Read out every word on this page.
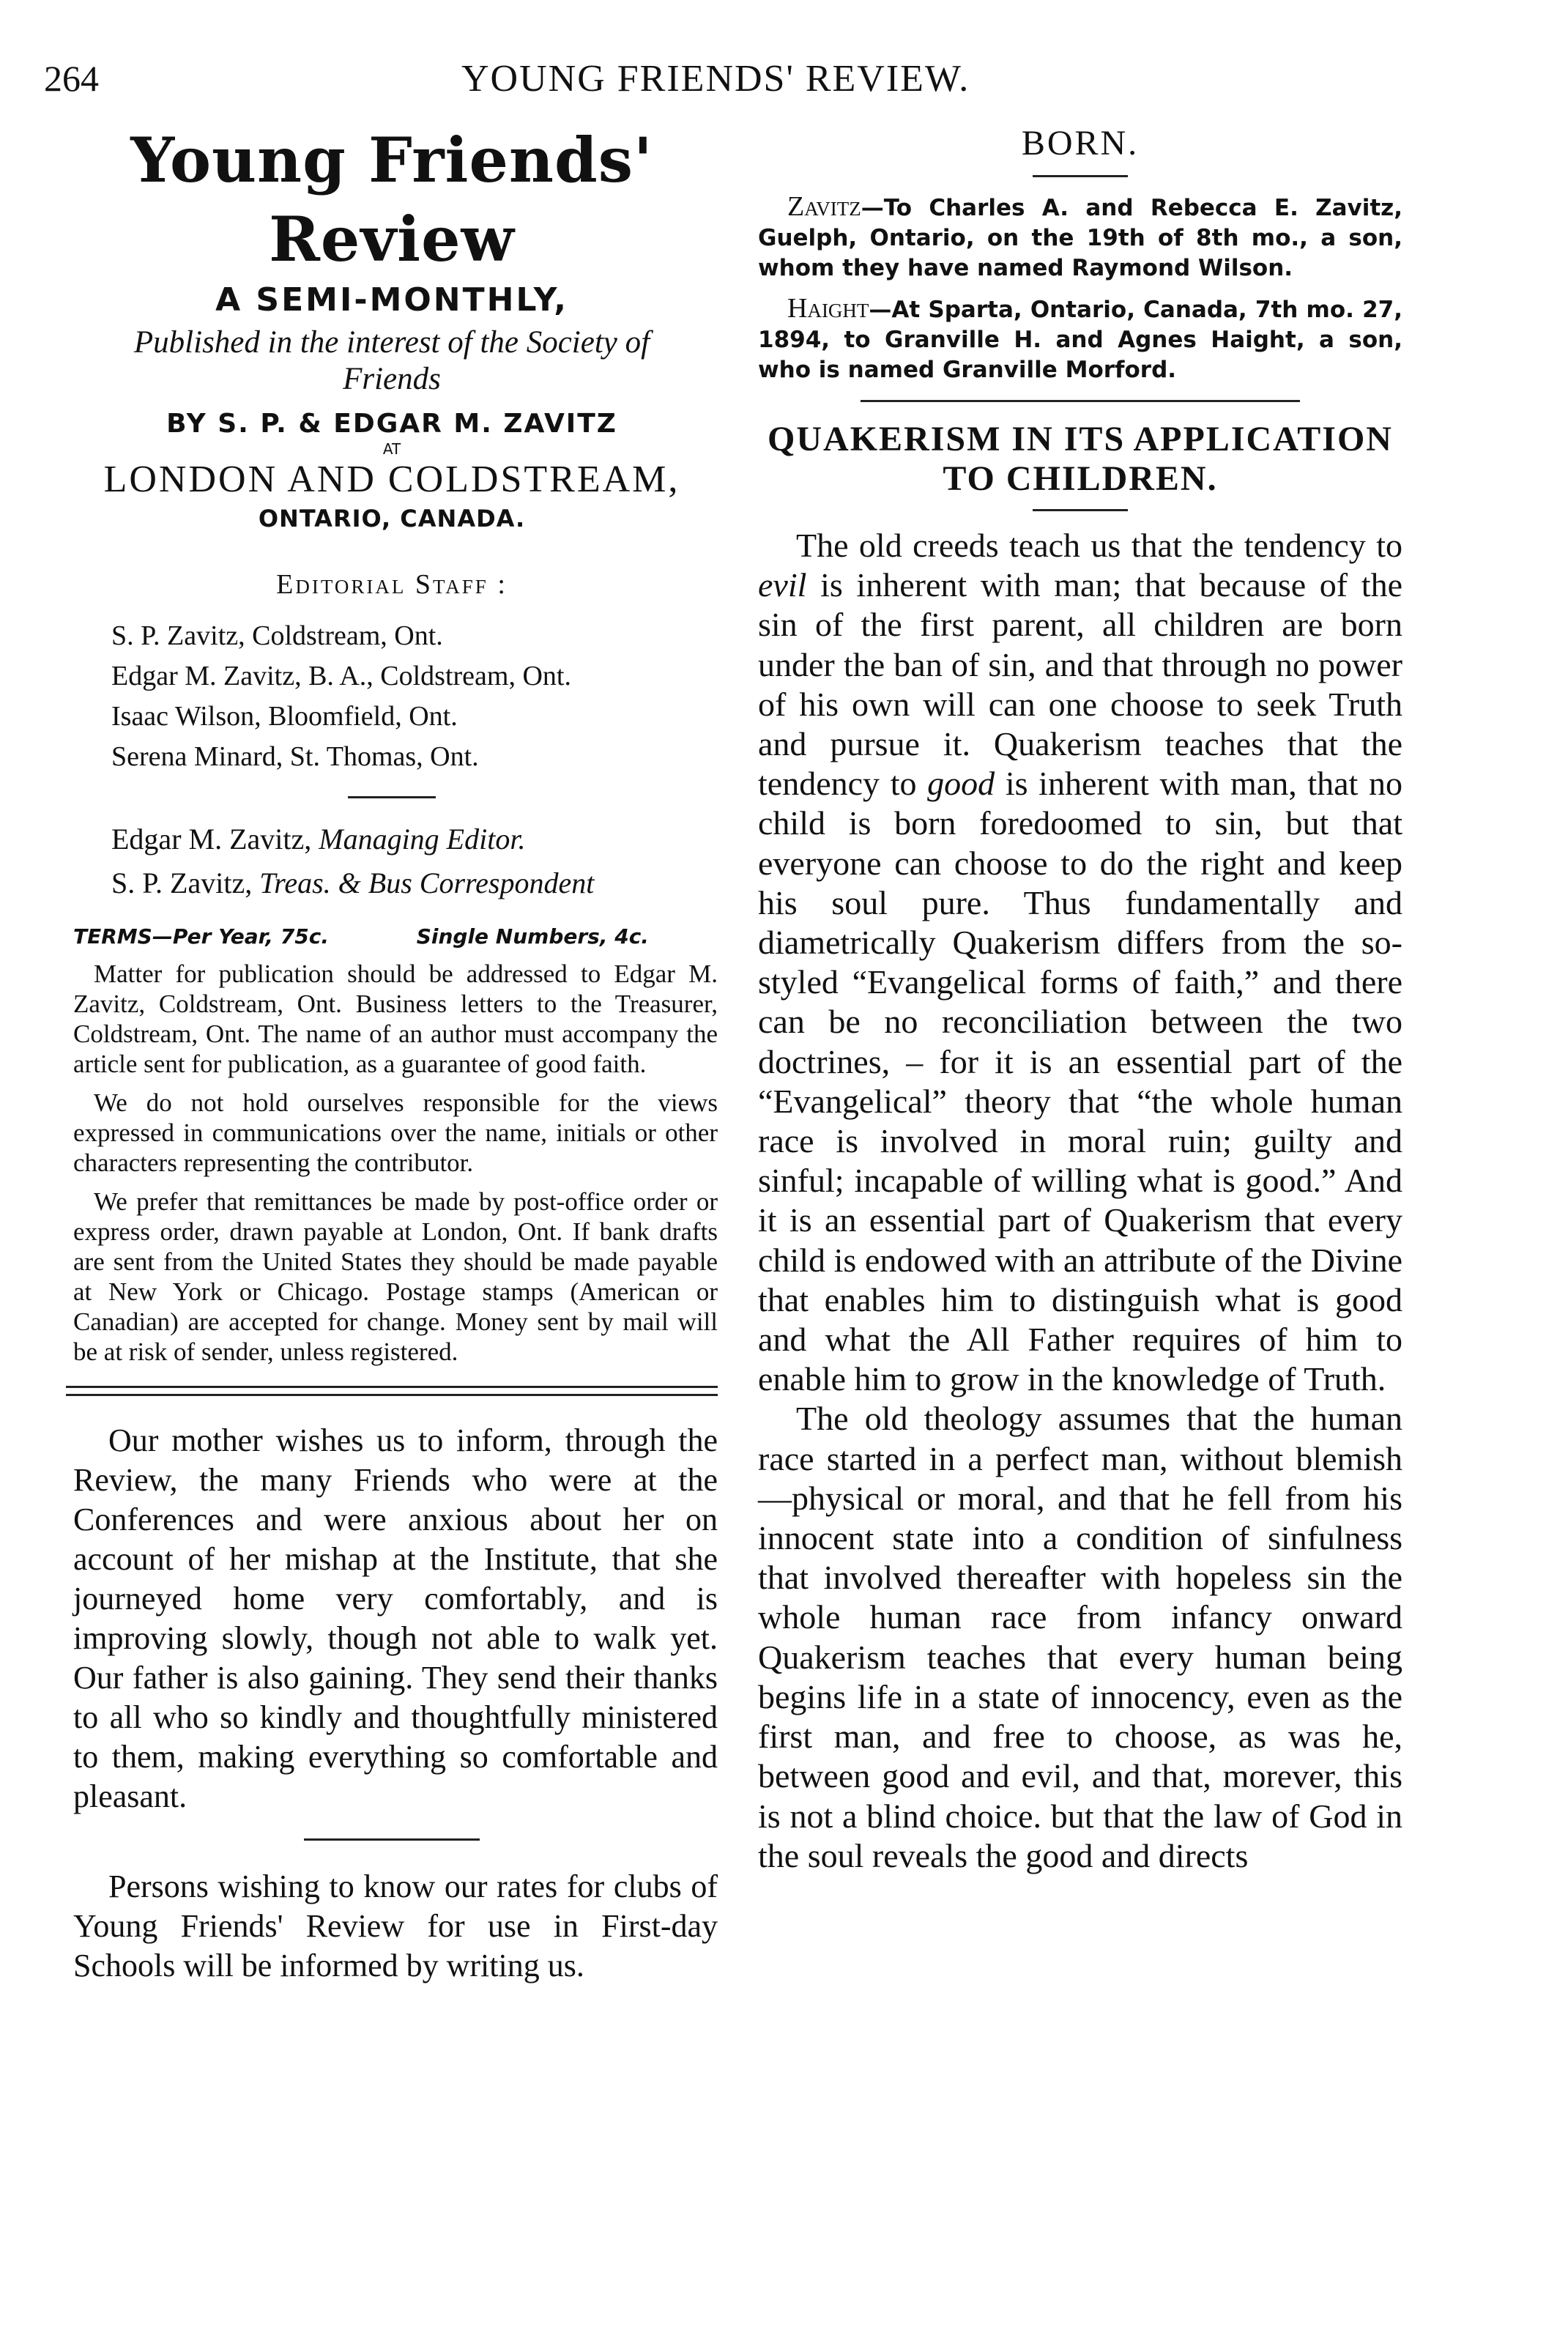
264	YOUNG FRIENDS' REVIEW.
Young Friends' Review
A SEMI-MONTHLY,
Published in the interest of the Society of Friends
BY S. P. & EDGAR M. ZAVITZ
AT
LONDON AND COLDSTREAM,
ONTARIO, CANADA.
Editorial Staff :
S. P. Zavitz, Coldstream, Ont.
Edgar M. Zavitz, B. A., Coldstream, Ont.
Isaac Wilson, Bloomfield, Ont.
Serena Minard, St. Thomas, Ont.
Edgar M. Zavitz, Managing Editor.
S. P. Zavitz, Treas. & Bus Correspondent
TERMS—Per Year, 75c.	Single Numbers, 4c.

Matter for publication should be addressed to Edgar M. Zavitz, Coldstream, Ont. Business letters to the Treasurer, Coldstream, Ont. The name of an author must accompany the article sent for publication, as a guarantee of good faith.

We do not hold ourselves responsible for the views expressed in communications over the name, initials or other characters representing the contributor.

We prefer that remittances be made by post-office order or express order, drawn payable at London, Ont. If bank drafts are sent from the United States they should be made payable at New York or Chicago. Postage stamps (American or Canadian) are accepted for change. Money sent by mail will be at risk of sender, unless registered.

Our mother wishes us to inform, through the Review, the many Friends who were at the Conferences and were anxious about her on account of her mishap at the Institute, that she journeyed home very comfortably, and is improving slowly, though not able to walk yet. Our father is also gaining. They send their thanks to all who so kindly and thoughtfully ministered to them, making everything so comfortable and pleasant.

Persons wishing to know our rates for clubs of Young Friends' Review for use in First-day Schools will be informed by writing us.

BORN.

Zavitz—To Charles A. and Rebecca E. Zavitz, Guelph, Ontario, on the 19th of 8th mo., a son, whom they have named Raymond Wilson.

Haight—At Sparta, Ontario, Canada, 7th mo. 27, 1894, to Granville H. and Agnes Haight, a son, who is named Granville Morford.

QUAKERISM IN ITS APPLICATION TO CHILDREN.

The old creeds teach us that the tendency to evil is inherent with man; that because of the sin of the first parent, all children are born under the ban of sin, and that through no power of his own will can one choose to seek Truth and pursue it. Quakerism teaches that the tendency to good is inherent with man, that no child is born foredoomed to sin, but that everyone can choose to do the right and keep his soul pure. Thus fundamentally and diametrically Quakerism differs from the so-styled “Evangelical forms of faith,” and there can be no reconciliation between the two doctrines, – for it is an essential part of the “Evangelical” theory that “the whole human race is involved in moral ruin; guilty and sinful; incapable of willing what is good.” And it is an essential part of Quakerism that every child is endowed with an attribute of the Divine that enables him to distinguish what is good and what the All Father requires of him to enable him to grow in the knowledge of Truth.

The old theology assumes that the human race started in a perfect man, without blemish—physical or moral, and that he fell from his innocent state into a condition of sinfulness that involved thereafter with hopeless sin the whole human race from infancy onward Quakerism teaches that every human being begins life in a state of innocency, even as the first man, and free to choose, as was he, between good and evil, and that, morever, this is not a blind choice. but that the law of God in the soul reveals the good and directs
